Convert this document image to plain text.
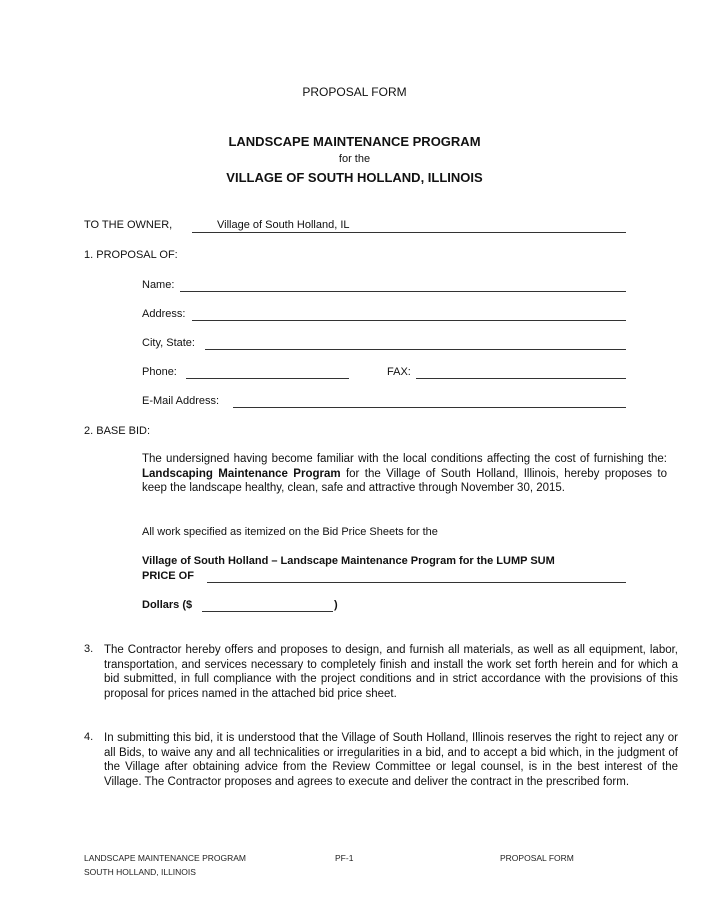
PROPOSAL FORM
LANDSCAPE MAINTENANCE PROGRAM
for the
VILLAGE OF SOUTH HOLLAND, ILLINOIS
TO THE OWNER,	Village of South Holland, IL
1. PROPOSAL OF:
Name:
Address:
City, State:
Phone:	FAX:
E-Mail Address:
2. BASE BID:
The undersigned having become familiar with the local conditions affecting the cost of furnishing the: Landscaping Maintenance Program for the Village of South Holland, Illinois, hereby proposes to keep the landscape healthy, clean, safe and attractive through November 30, 2015.
All work specified as itemized on the Bid Price Sheets for the
Village of South Holland – Landscape Maintenance Program for the LUMP SUM
PRICE OF
Dollars ($	)
3. The Contractor hereby offers and proposes to design, and furnish all materials, as well as all equipment, labor, transportation, and services necessary to completely finish and install the work set forth herein and for which a bid submitted, in full compliance with the project conditions and in strict accordance with the provisions of this proposal for prices named in the attached bid price sheet.
4. In submitting this bid, it is understood that the Village of South Holland, Illinois reserves the right to reject any or all Bids, to waive any and all technicalities or irregularities in a bid, and to accept a bid which, in the judgment of the Village after obtaining advice from the Review Committee or legal counsel, is in the best interest of the Village. The Contractor proposes and agrees to execute and deliver the contract in the prescribed form.
LANDSCAPE MAINTENANCE PROGRAM
SOUTH HOLLAND, ILLINOIS
PF-1	PROPOSAL FORM
